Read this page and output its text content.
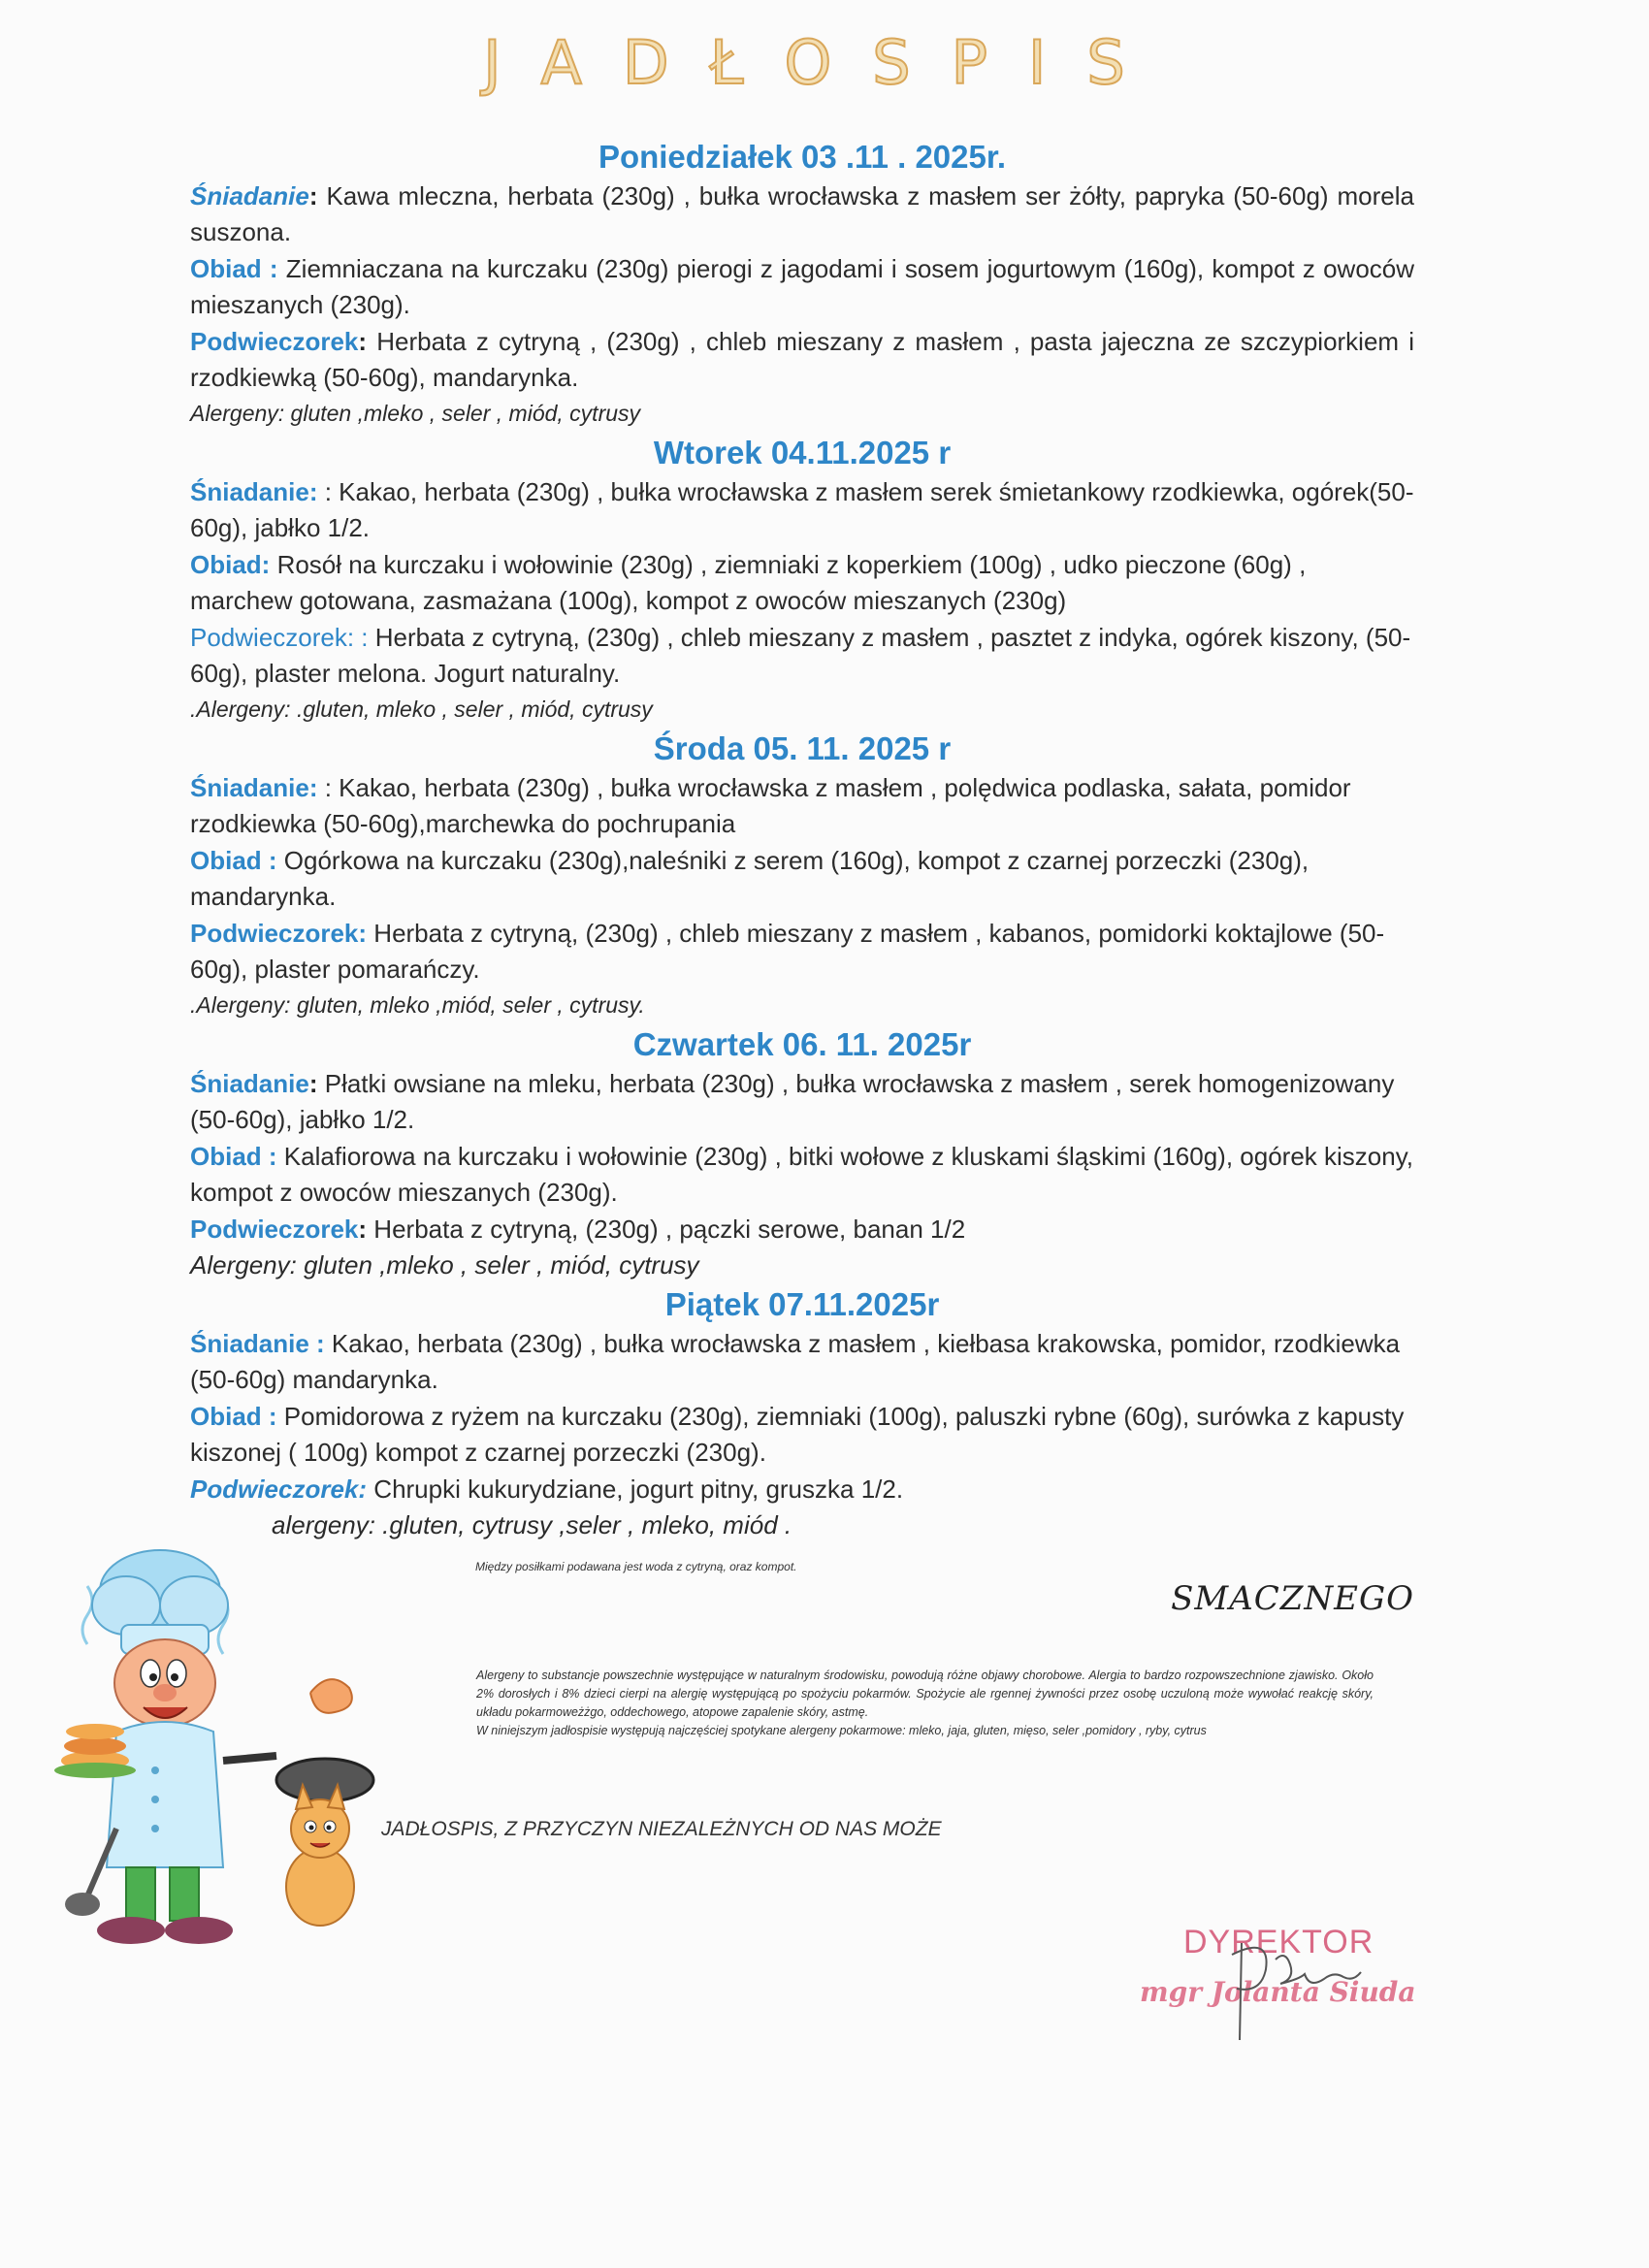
JADŁOSPIS
Poniedziałek 03 .11 . 2025r.

Śniadanie: Kawa mleczna, herbata (230g) , bułka wrocławska z masłem ser żółty, papryka (50-60g) morela suszona.

Obiad : Ziemniaczana na kurczaku (230g) pierogi z jagodami i sosem jogurtowym (160g), kompot z owoców mieszanych (230g).

Podwieczorek: Herbata z cytryną , (230g) , chleb mieszany z masłem , pasta jajeczna ze szczypiorkiem i rzodkiewką (50-60g), mandarynka.

Alergeny: gluten ,mleko , seler , miód, cytrusy

Wtorek 04.11.2025 r

Śniadanie: : Kakao, herbata (230g) , bułka wrocławska z masłem serek śmietankowy rzodkiewka, ogórek(50-60g), jabłko 1/2.

Obiad: Rosół na kurczaku i wołowinie (230g) , ziemniaki z koperkiem (100g) , udko pieczone (60g) , marchew gotowana, zasmażana (100g), kompot z owoców mieszanych (230g)

Podwieczorek: : Herbata z cytryną, (230g) , chleb mieszany z masłem , pasztet z indyka, ogórek kiszony, (50-60g), plaster melona. Jogurt naturalny.

.Alergeny: .gluten, mleko , seler , miód, cytrusy

Środa 05. 11. 2025 r

Śniadanie: : Kakao, herbata (230g) , bułka wrocławska z masłem , polędwica podlaska, sałata, pomidor rzodkiewka (50-60g),marchewka do pochrupania

Obiad : Ogórkowa na kurczaku (230g),naleśniki z serem (160g), kompot z czarnej porzeczki (230g), mandarynka.

Podwieczorek: Herbata z cytryną, (230g) , chleb mieszany z masłem , kabanos, pomidorki koktajlowe (50-60g), plaster pomarańczy.

.Alergeny: gluten, mleko ,miód, seler , cytrusy.

Czwartek 06. 11. 2025r

Śniadanie: Płatki owsiane na mleku, herbata (230g) , bułka wrocławska z masłem , serek homogenizowany (50-60g), jabłko 1/2.

Obiad : Kalafiorowa na kurczaku i wołowinie (230g) , bitki wołowe z kluskami śląskimi (160g), ogórek kiszony, kompot z owoców mieszanych (230g).

Podwieczorek: Herbata z cytryną, (230g) , pączki serowe, banan 1/2

Alergeny: gluten ,mleko , seler , miód, cytrusy

Piątek 07.11.2025r

Śniadanie : Kakao, herbata (230g) , bułka wrocławska z masłem , kiełbasa krakowska, pomidor, rzodkiewka (50-60g) mandarynka.

Obiad : Pomidorowa z ryżem na kurczaku (230g), ziemniaki (100g), paluszki rybne (60g), surówka z kapusty kiszonej ( 100g) kompot z czarnej porzeczki (230g).

Podwieczorek: Chrupki kukurydziane, jogurt pitny, gruszka 1/2.

alergeny: .gluten, cytrusy ,seler , mleko, miód .

Między posiłkami podawana jest woda z cytryną, oraz kompot.
SMACZNEGO

Alergeny to substancje powszechnie występujące w naturalnym środowisku, powodują różne objawy chorobowe. Alergia to bardzo rozpowszechnione zjawisko. Około 2% dorosłych i 8% dzieci cierpi na alergię występującą po spożyciu pokarmów. Spożycie ale rgennej żywności przez osobę uczuloną może wywołać reakcję skóry, układu pokarmoweżżgo, oddechowego, atopowe zapalenie skóry, astmę.

W niniejszym jadłospisie występują najczęściej spotykane alergeny pokarmowe: mleko, jaja, gluten, mięso, seler ,pomidory , ryby, cytrus

JADŁOSPIS, Z PRZYCZYN NIEZALEŻNYCH OD NAS MOŻE
DYREKTOR
mgr Jolanta Siuda
